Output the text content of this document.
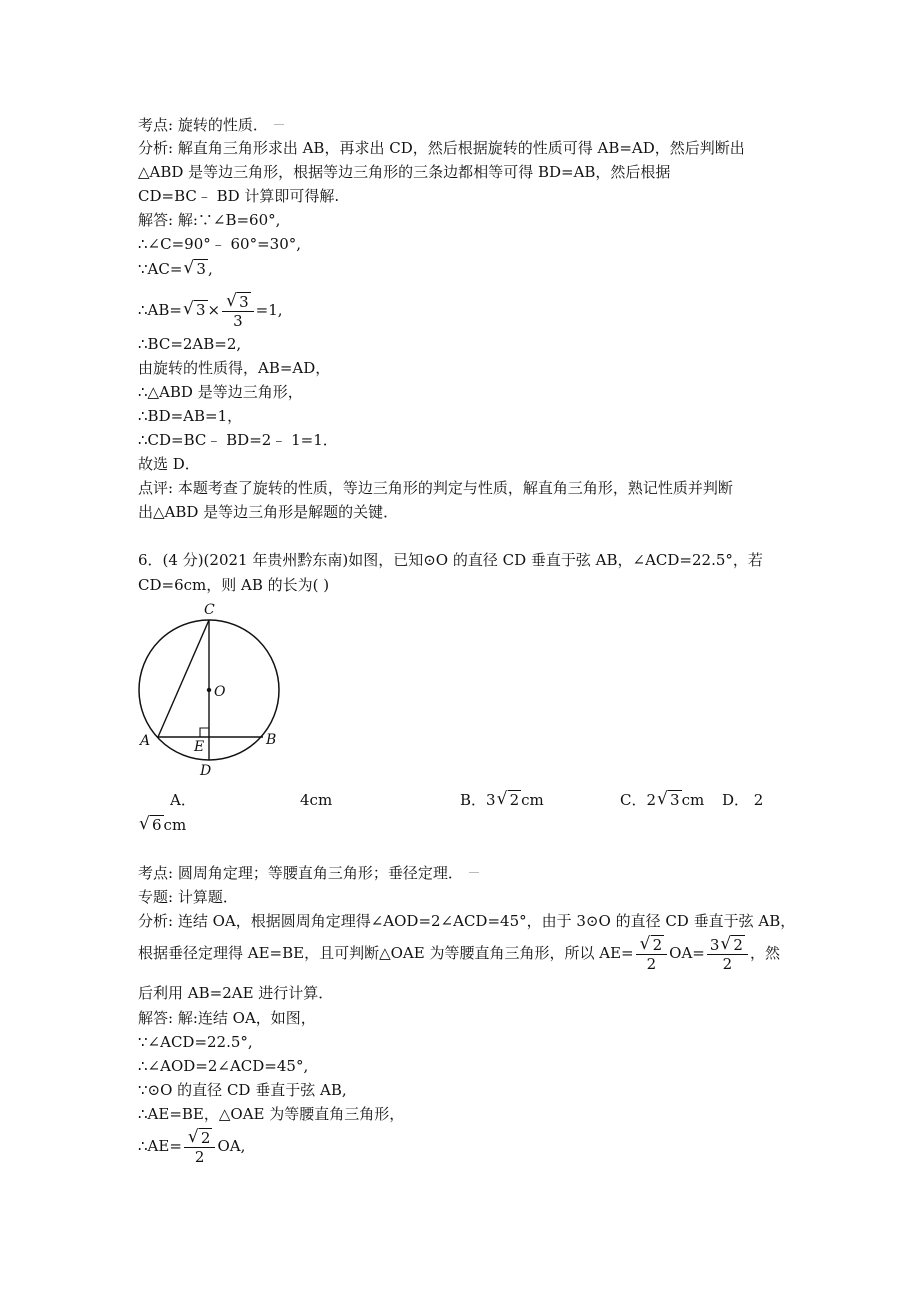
考点: 旋转的性质．
分析: 解直角三角形求出 AB，再求出 CD，然后根据旋转的性质可得 AB=AD，然后判断出
△ABD 是等边三角形，根据等边三角形的三条边都相等可得 BD=AB，然后根据
CD=BC﹣ BD 计算即可得解.
解答: 解:∵∠B=60°,
∴∠C=90°﹣ 60°=30°,
∵AC= √ 3 ,
∴AB= √ 3 × √ $\frac{3}{3} =1$,
∴BC=2AB=2,
由旋转的性质得，AB=AD，
∴△ABD 是等边三角形，
∴BD=AB=1，
∴CD=BC﹣ BD=2﹣ 1=1．
故选 D．
点评: 本题考查了旋转的性质，等边三角形的判定与性质，解直角三角形，熟记性质并判断
出△ABD 是等边三角形是解题的关键．
6．(4 分)(2021 年贵州黔东南)如图，已知⊙O 的直径 CD 垂直于弦 AB，∠ACD=22.5°，若
CD=6cm，则 AB 的长为( )
C
O
A	E	B
D
A．	4cm	B．3 √ 2 cm	C．2 √ 3 cm D． 2
√ 6 cm
考点: 圆周角定理；等腰直角三角形；垂径定理．
专题: 计算题．
分析: 连结 OA，根据圆周角定理得∠AOD=2∠ACD=45°，由于 3⊙O 的直径 CD 垂直于弦 AB，
根据垂径定理得 AE=BE，且可判断△OAE 为等腰直角三角形，所以 AE= √ $\frac{2}{2} OA= \frac{3 √ 2}{2}$ ，然
后利用 AB=2AE 进行计算．
解答: 解:连结 OA，如图，
∵∠ACD=22.5°,
∴∠AOD=2∠ACD=45°,
∵⊙O 的直径 CD 垂直于弦 AB,
∴AE=BE，△OAE 为等腰直角三角形，
∴AE= √ $\frac{2}{2}$ OA,
